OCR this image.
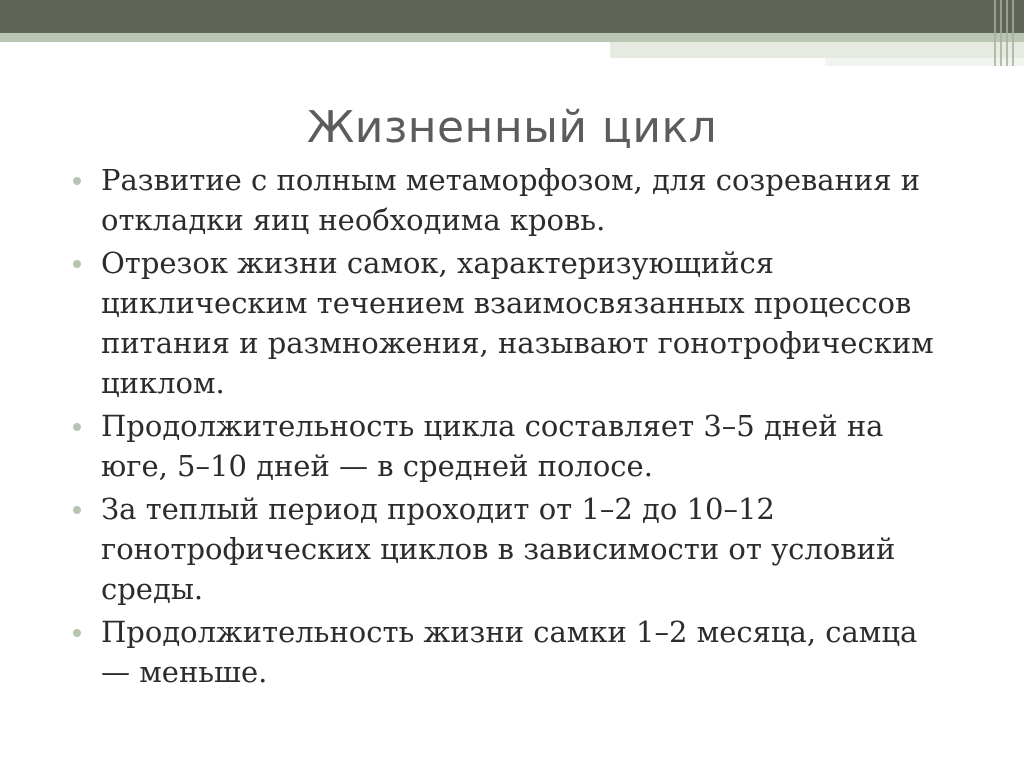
Жизненный цикл
Развитие с полным метаморфозом, для созревания и откладки яиц необходима кровь.
Отрезок жизни самок, характеризующийся циклическим течением взаимосвязанных процессов питания и размножения, называют гонотрофическим циклом.
Продолжительность цикла составляет 3–5 дней на юге, 5–10 дней — в средней полосе.
За теплый период проходит от 1–2 до 10–12 гонотрофических циклов в зависимости от условий среды.
Продолжительность жизни самки 1–2 месяца, самца — меньше.
